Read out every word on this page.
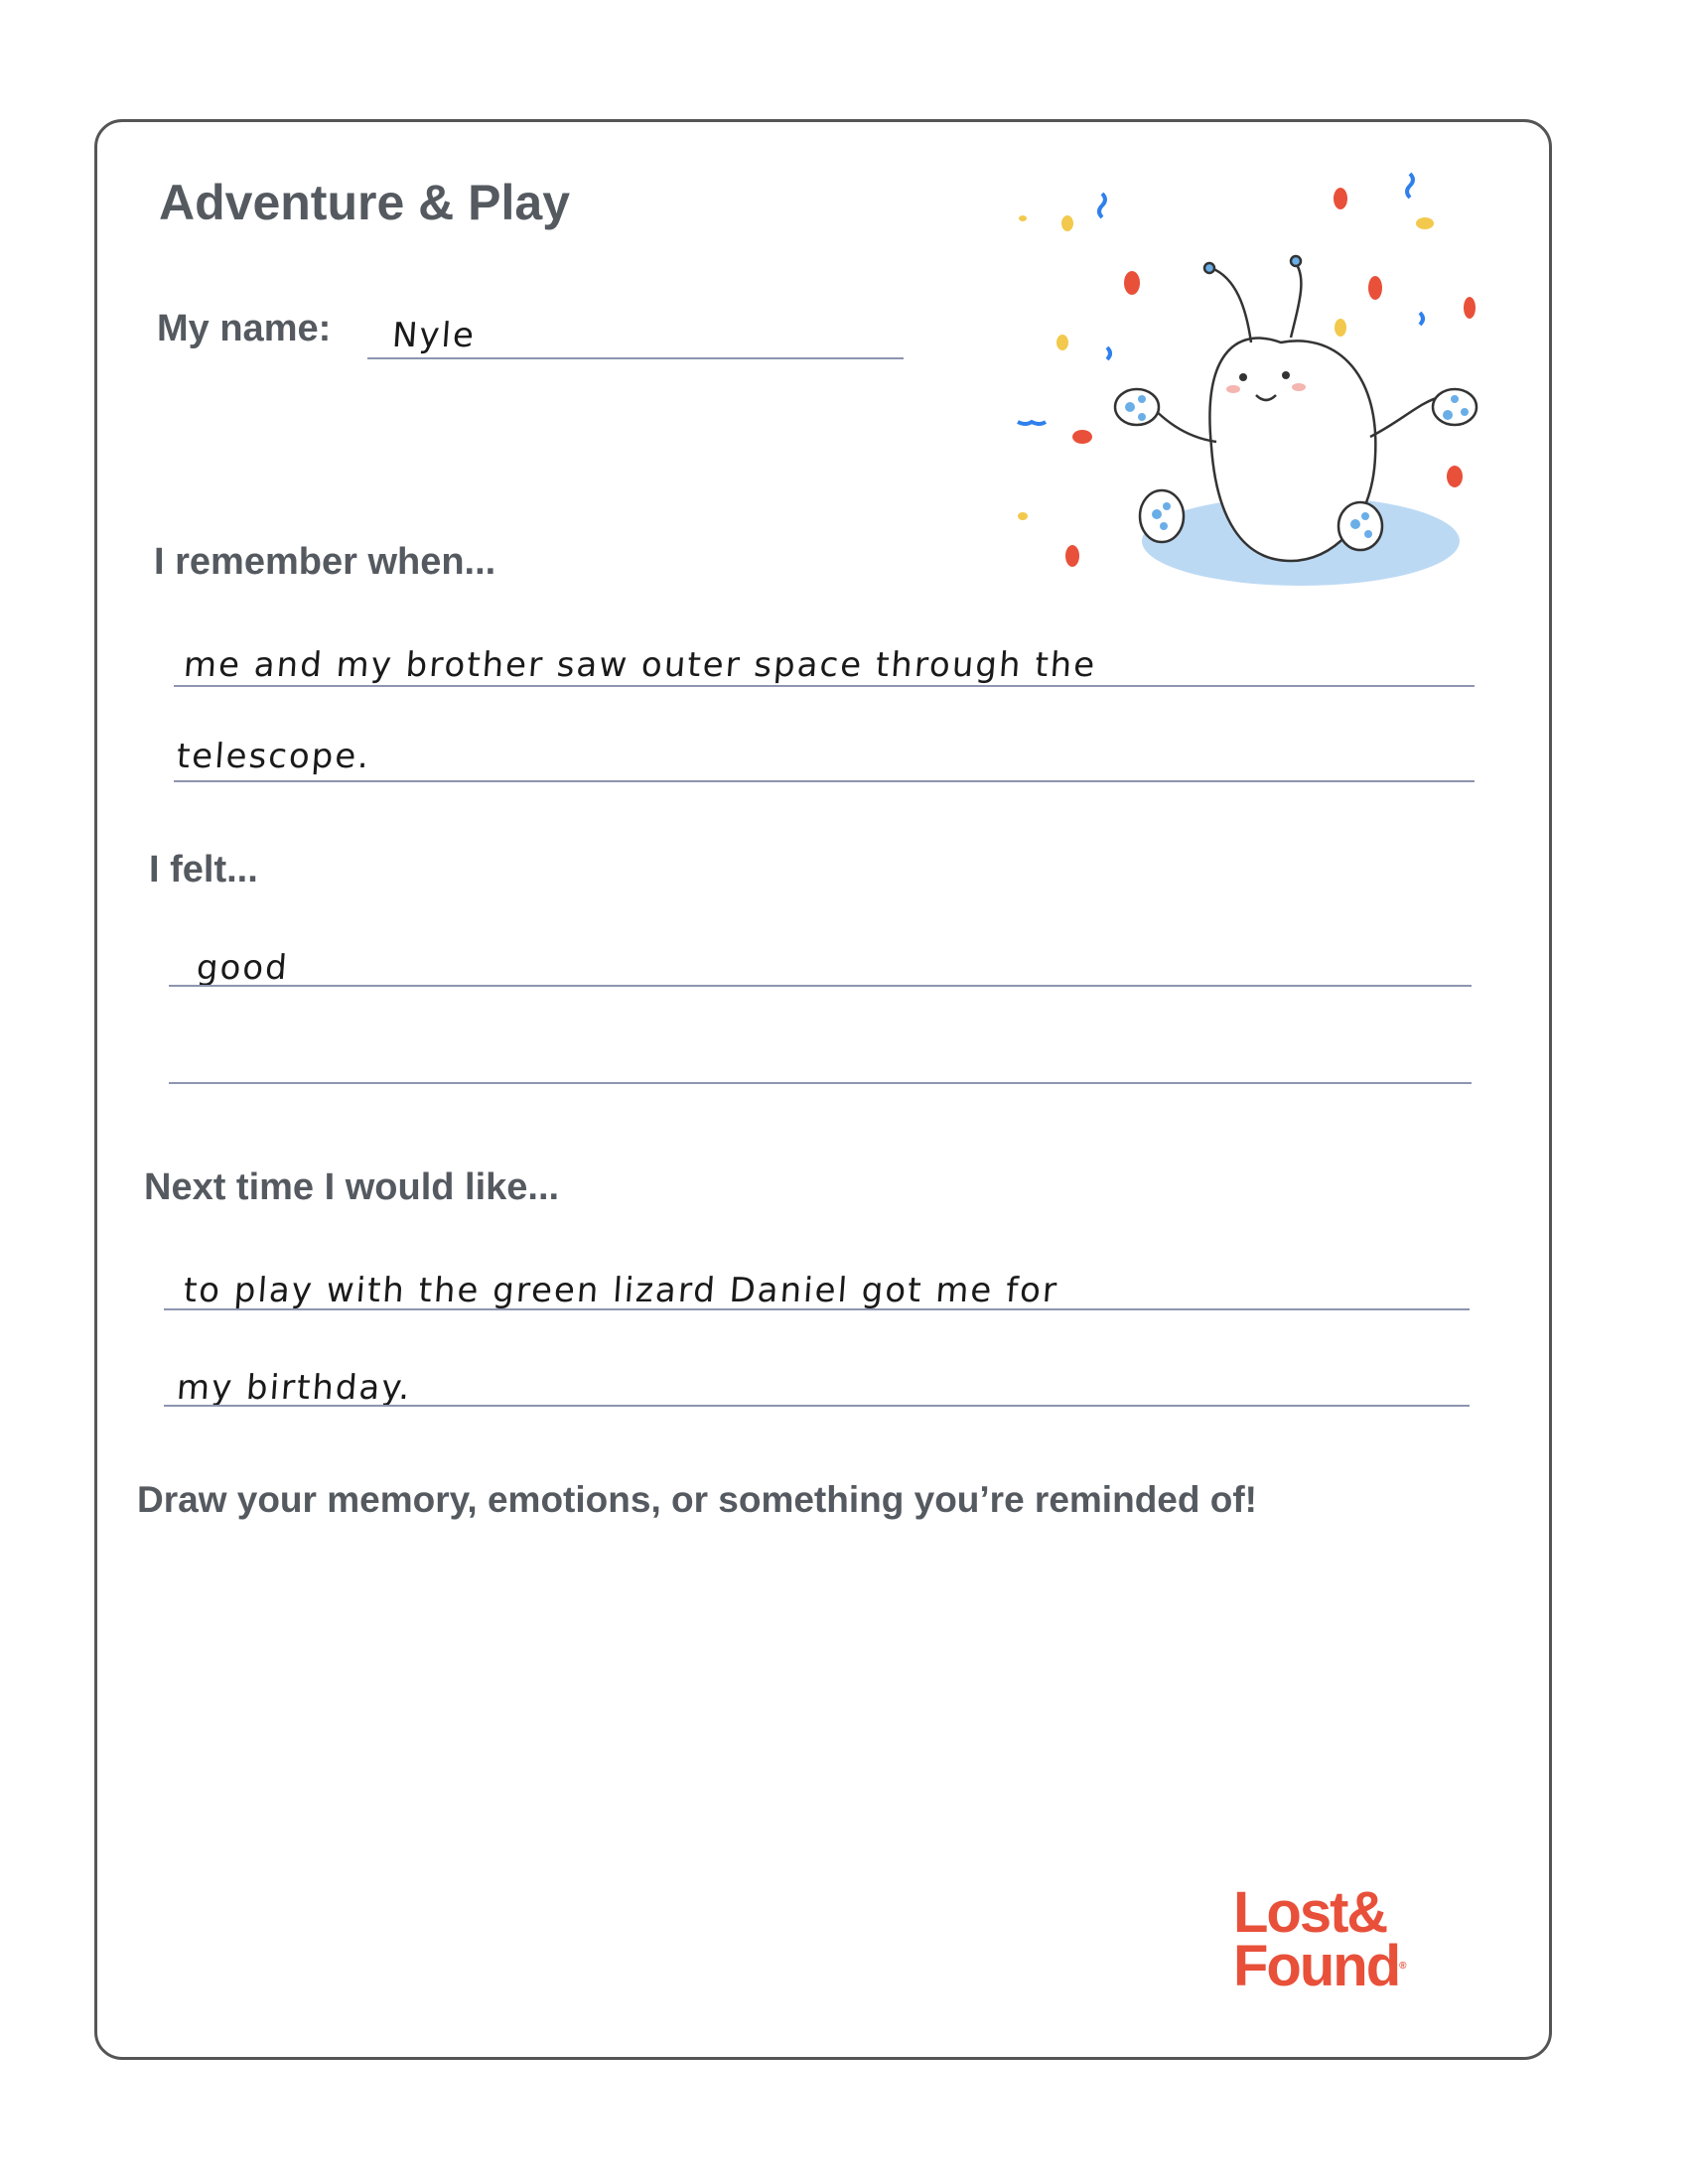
Adventure & Play
My name: Nyle
I remember when...
me and my brother saw outer space through the
telescope.
I felt...
good
Next time I would like...
to play with the green lizard Daniel got me for
my birthday.
Draw your memory, emotions, or something you’re reminded of!
Lost&
Found®
